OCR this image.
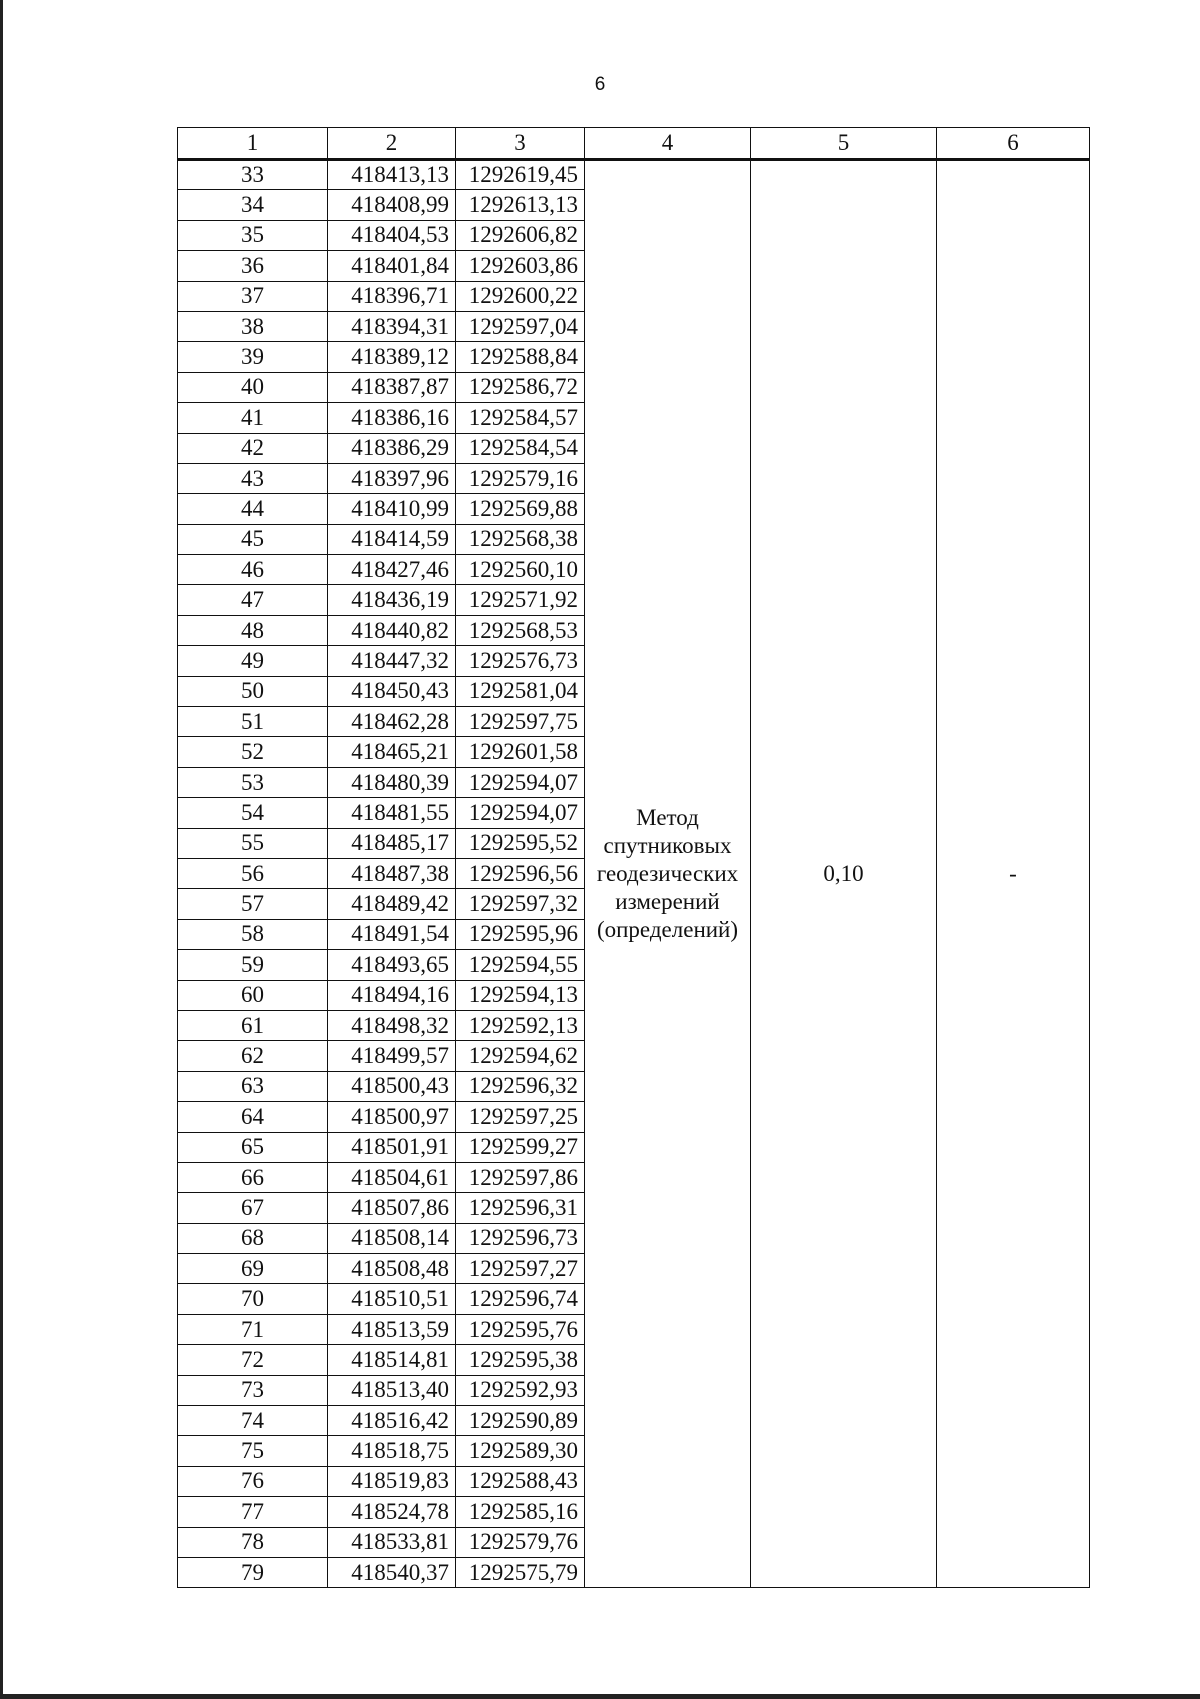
6
1	2	3	4	5	6
33	418413,13	1292619,45	Метод
спутниковых
геодезических
измерений
(определений)	0,10	-
34	418408,99	1292613,13			
35	418404,53	1292606,82			
36	418401,84	1292603,86			
37	418396,71	1292600,22			
38	418394,31	1292597,04			
39	418389,12	1292588,84			
40	418387,87	1292586,72			
41	418386,16	1292584,57			
42	418386,29	1292584,54			
43	418397,96	1292579,16			
44	418410,99	1292569,88			
45	418414,59	1292568,38			
46	418427,46	1292560,10			
47	418436,19	1292571,92			
48	418440,82	1292568,53			
49	418447,32	1292576,73			
50	418450,43	1292581,04			
51	418462,28	1292597,75			
52	418465,21	1292601,58			
53	418480,39	1292594,07			
54	418481,55	1292594,07			
55	418485,17	1292595,52			
56	418487,38	1292596,56			
57	418489,42	1292597,32			
58	418491,54	1292595,96			
59	418493,65	1292594,55			
60	418494,16	1292594,13			
61	418498,32	1292592,13			
62	418499,57	1292594,62			
63	418500,43	1292596,32			
64	418500,97	1292597,25			
65	418501,91	1292599,27			
66	418504,61	1292597,86			
67	418507,86	1292596,31			
68	418508,14	1292596,73			
69	418508,48	1292597,27			
70	418510,51	1292596,74			
71	418513,59	1292595,76			
72	418514,81	1292595,38			
73	418513,40	1292592,93			
74	418516,42	1292590,89			
75	418518,75	1292589,30			
76	418519,83	1292588,43			
77	418524,78	1292585,16			
78	418533,81	1292579,76			
79	418540,37	1292575,79			
